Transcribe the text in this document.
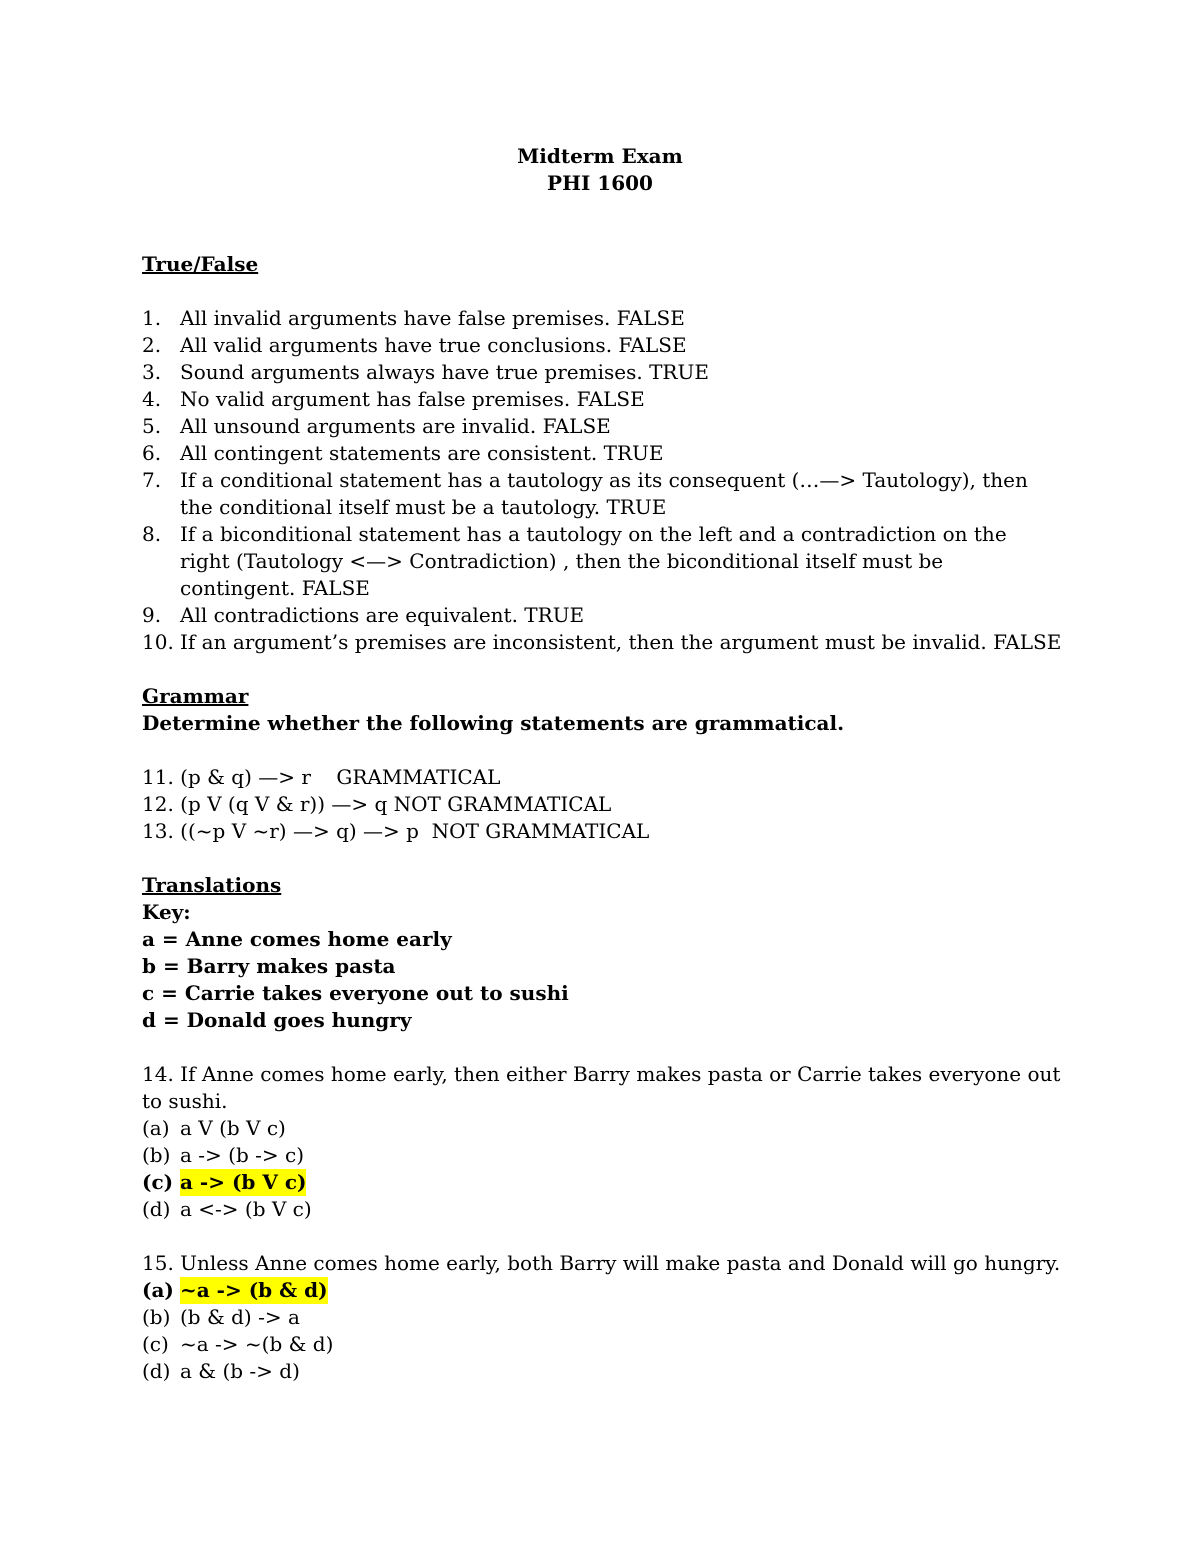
Midterm Exam
PHI 1600
True/False
1. All invalid arguments have false premises. FALSE
2. All valid arguments have true conclusions. FALSE
3. Sound arguments always have true premises. TRUE
4. No valid argument has false premises. FALSE
5. All unsound arguments are invalid. FALSE
6. All contingent statements are consistent. TRUE
7. If a conditional statement has a tautology as its consequent (…—> Tautology), then the conditional itself must be a tautology. TRUE
8. If a biconditional statement has a tautology on the left and a contradiction on the right (Tautology <—> Contradiction) , then the biconditional itself must be contingent. FALSE
9. All contradictions are equivalent. TRUE
10. If an argument’s premises are inconsistent, then the argument must be invalid. FALSE
Grammar
Determine whether the following statements are grammatical.
11. (p & q) —> r    GRAMMATICAL
12. (p V (q V & r)) —> q NOT GRAMMATICAL
13. ((~p V ~r) —> q) —> p  NOT GRAMMATICAL
Translations
Key:
a = Anne comes home early
b = Barry makes pasta
c = Carrie takes everyone out to sushi
d = Donald goes hungry
14. If Anne comes home early, then either Barry makes pasta or Carrie takes everyone out to sushi.
(a) a V (b V c)
(b) a -> (b -> c)
(c) a -> (b V c)
(d) a <-> (b V c)
15. Unless Anne comes home early, both Barry will make pasta and Donald will go hungry.
(a) ~a -> (b & d)
(b) (b & d) -> a
(c) ~a -> ~(b & d)
(d) a & (b -> d)
